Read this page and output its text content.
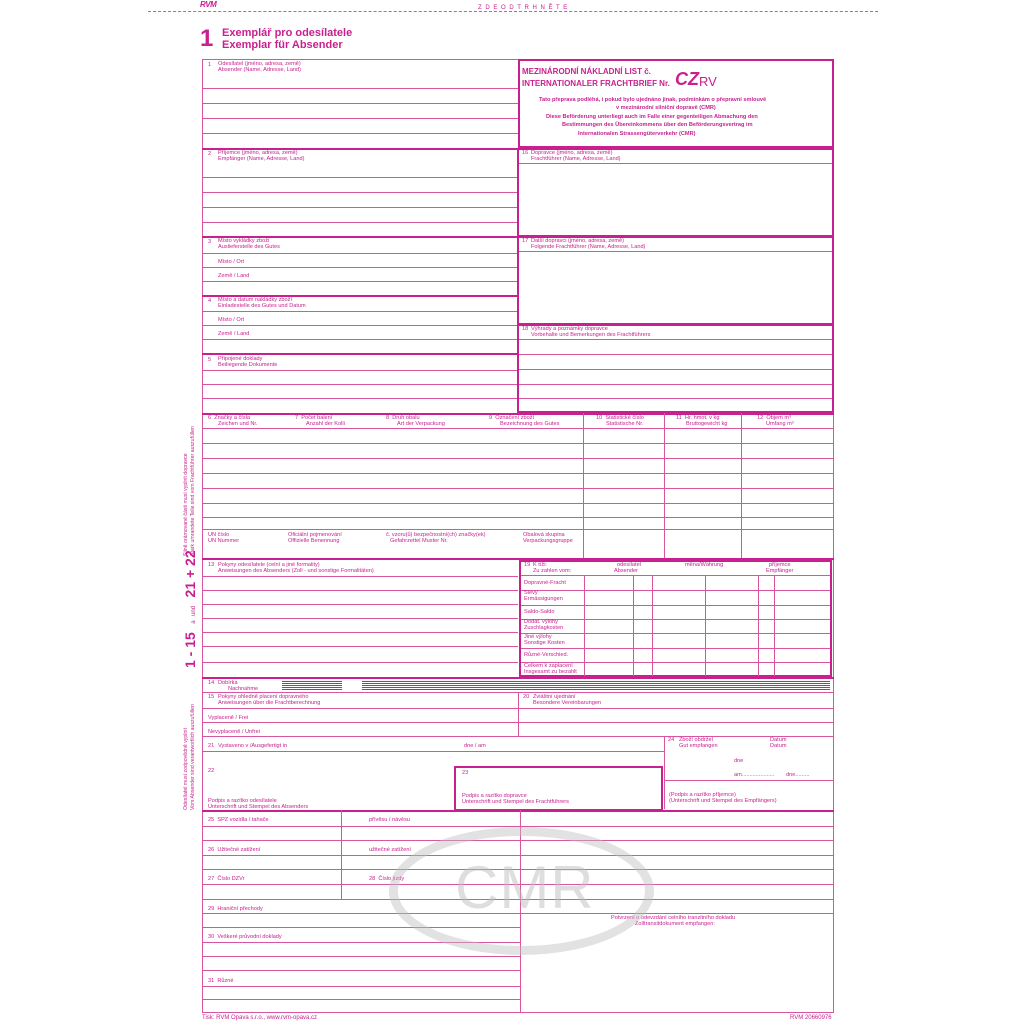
Z D E O D T R H N Ě T E
RVM
1 Exemplář pro odesílatele
Exemplar für Absender
1 - 15 a und 21 + 22
Silně orámované části musí vyplnit dopravce Stark umrandete Teile sind vom Frachtführer auszufüllen
Odesílatel musí zodpovědně vyplnit Vom Absender sind verantwortlich auszufüllen
MEZINÁRODNÍ NÁKLADNÍ LIST č.
INTERNATIONALER FRACHTBRIEF Nr. CZ RV
Tato přeprava podléhá, i pokud bylo ujednáno jinak, podmínkám o přepravní smlouvě
v mezinárodní silniční dopravě (CMR)
Diese Beförderung unterliegt auch im Falle einer gegenteiligen Abmachung den
Bestimmungen des Übereinkommens über den Beförderungsvertrag im
Internationalen Strassengüterverkehr (CMR)
1 Odesílatel (jméno, adresa, země)
Absender (Name, Adresse, Land)
2 Příjemce (jméno, adresa, země)
Empfänger (Name, Adresse, Land)
3 Místo vykládky zboží
Auslieferstelle des Gutes
Místo / Ort
Země / Land
4 Místo a datum nakládky zboží
Einladestelle des Gutes und Datum
Místo / Ort
Země / Land
5 Připojené doklady
Beiliegende Dokumente
16 Dopravce (jméno, adresa, země)
Frachtführer (Name, Adresse, Land)
17 Další dopravci (jméno, adresa, země)
Folgende Frachtführer (Name, Adresse, Land)
18 Výhrady a poznámky dopravce
Vorbehalte und Bemerkungen des Frachtführers
6 Značky a čísla
Zeichen und Nr.
7 Počet balení
Anzahl der Kolli
8 Druh obalu
Art der Verpackung
9 Označení zboží
Bezeichnung des Gutes
10 Statistické číslo
Statistische Nr.
11 Hr. hmot. v kg
Bruttogewicht kg
12 Objem m³
Umfang m³
UN číslo
UN Nummer
Oficiální pojmenování
Offizielle Benennung
č. vzoru(ů) bezpečnostní(ch) značky(ek)
Gefahrzettel Muster Nr.
Obalová skupina
Verpackungsgruppe
13 Pokyny odesílatele (celní a jiné formality)
Anweisungen des Absenders (Zoll - und sonstige Formalitäten)
19 K tíži:
Zu zahlen vom:
odesílatel
Absender
měna/Währung	příjemce
Empfänger
Dopravné-Fracht
Slevy
Ermässigungen
Saldo-Saldo
Dodat. výlohy
Zuschlagkosten
Jiné výlohy
Sonstige Kosten
Různé-Verschied.
Celkem k zaplacení
Insgesamt zu bezahlt
14 Dobírka
Nachnahme
15 Pokyny ohledně placení dopravného
Anweisungen über die Frachtberechnung
Vyplaceně / Frei
Nevyplaceně / Unfrei
20 Zvláštní ujednání
Besondere Vereinbarungen
21 Vystaveno v /Ausgefertigt in	dne / am
24 Zboží obdržel
Gut empfangen
Datum
Datum
dne
am..................... dne.........
(Podpis a razítko příjemce)
(Unterschrift und Stempel des Empfängers)
22
Podpis a razítko odesílatele
Unterschrift und Stempel des Absenders
23
Podpis a razítko dopravce
Unterschrift und Stempel des Frachtführers
25 SPZ vozidla / tahače	přívěsu / návěsu
26 Užitečné zatížení	užitečné zatížení
27 Číslo DZVr	28 Číslo jízdy
29 Hraniční přechody
30 Veškeré průvodní doklady
31 Různé
Potvrzení o odevzdání celního tranzitního dokladu
Zolltransitdokument empfangen:
CMR
Tisk: RVM Opava s.r.o., www.rvm-opava.cz	RVM 20660976
